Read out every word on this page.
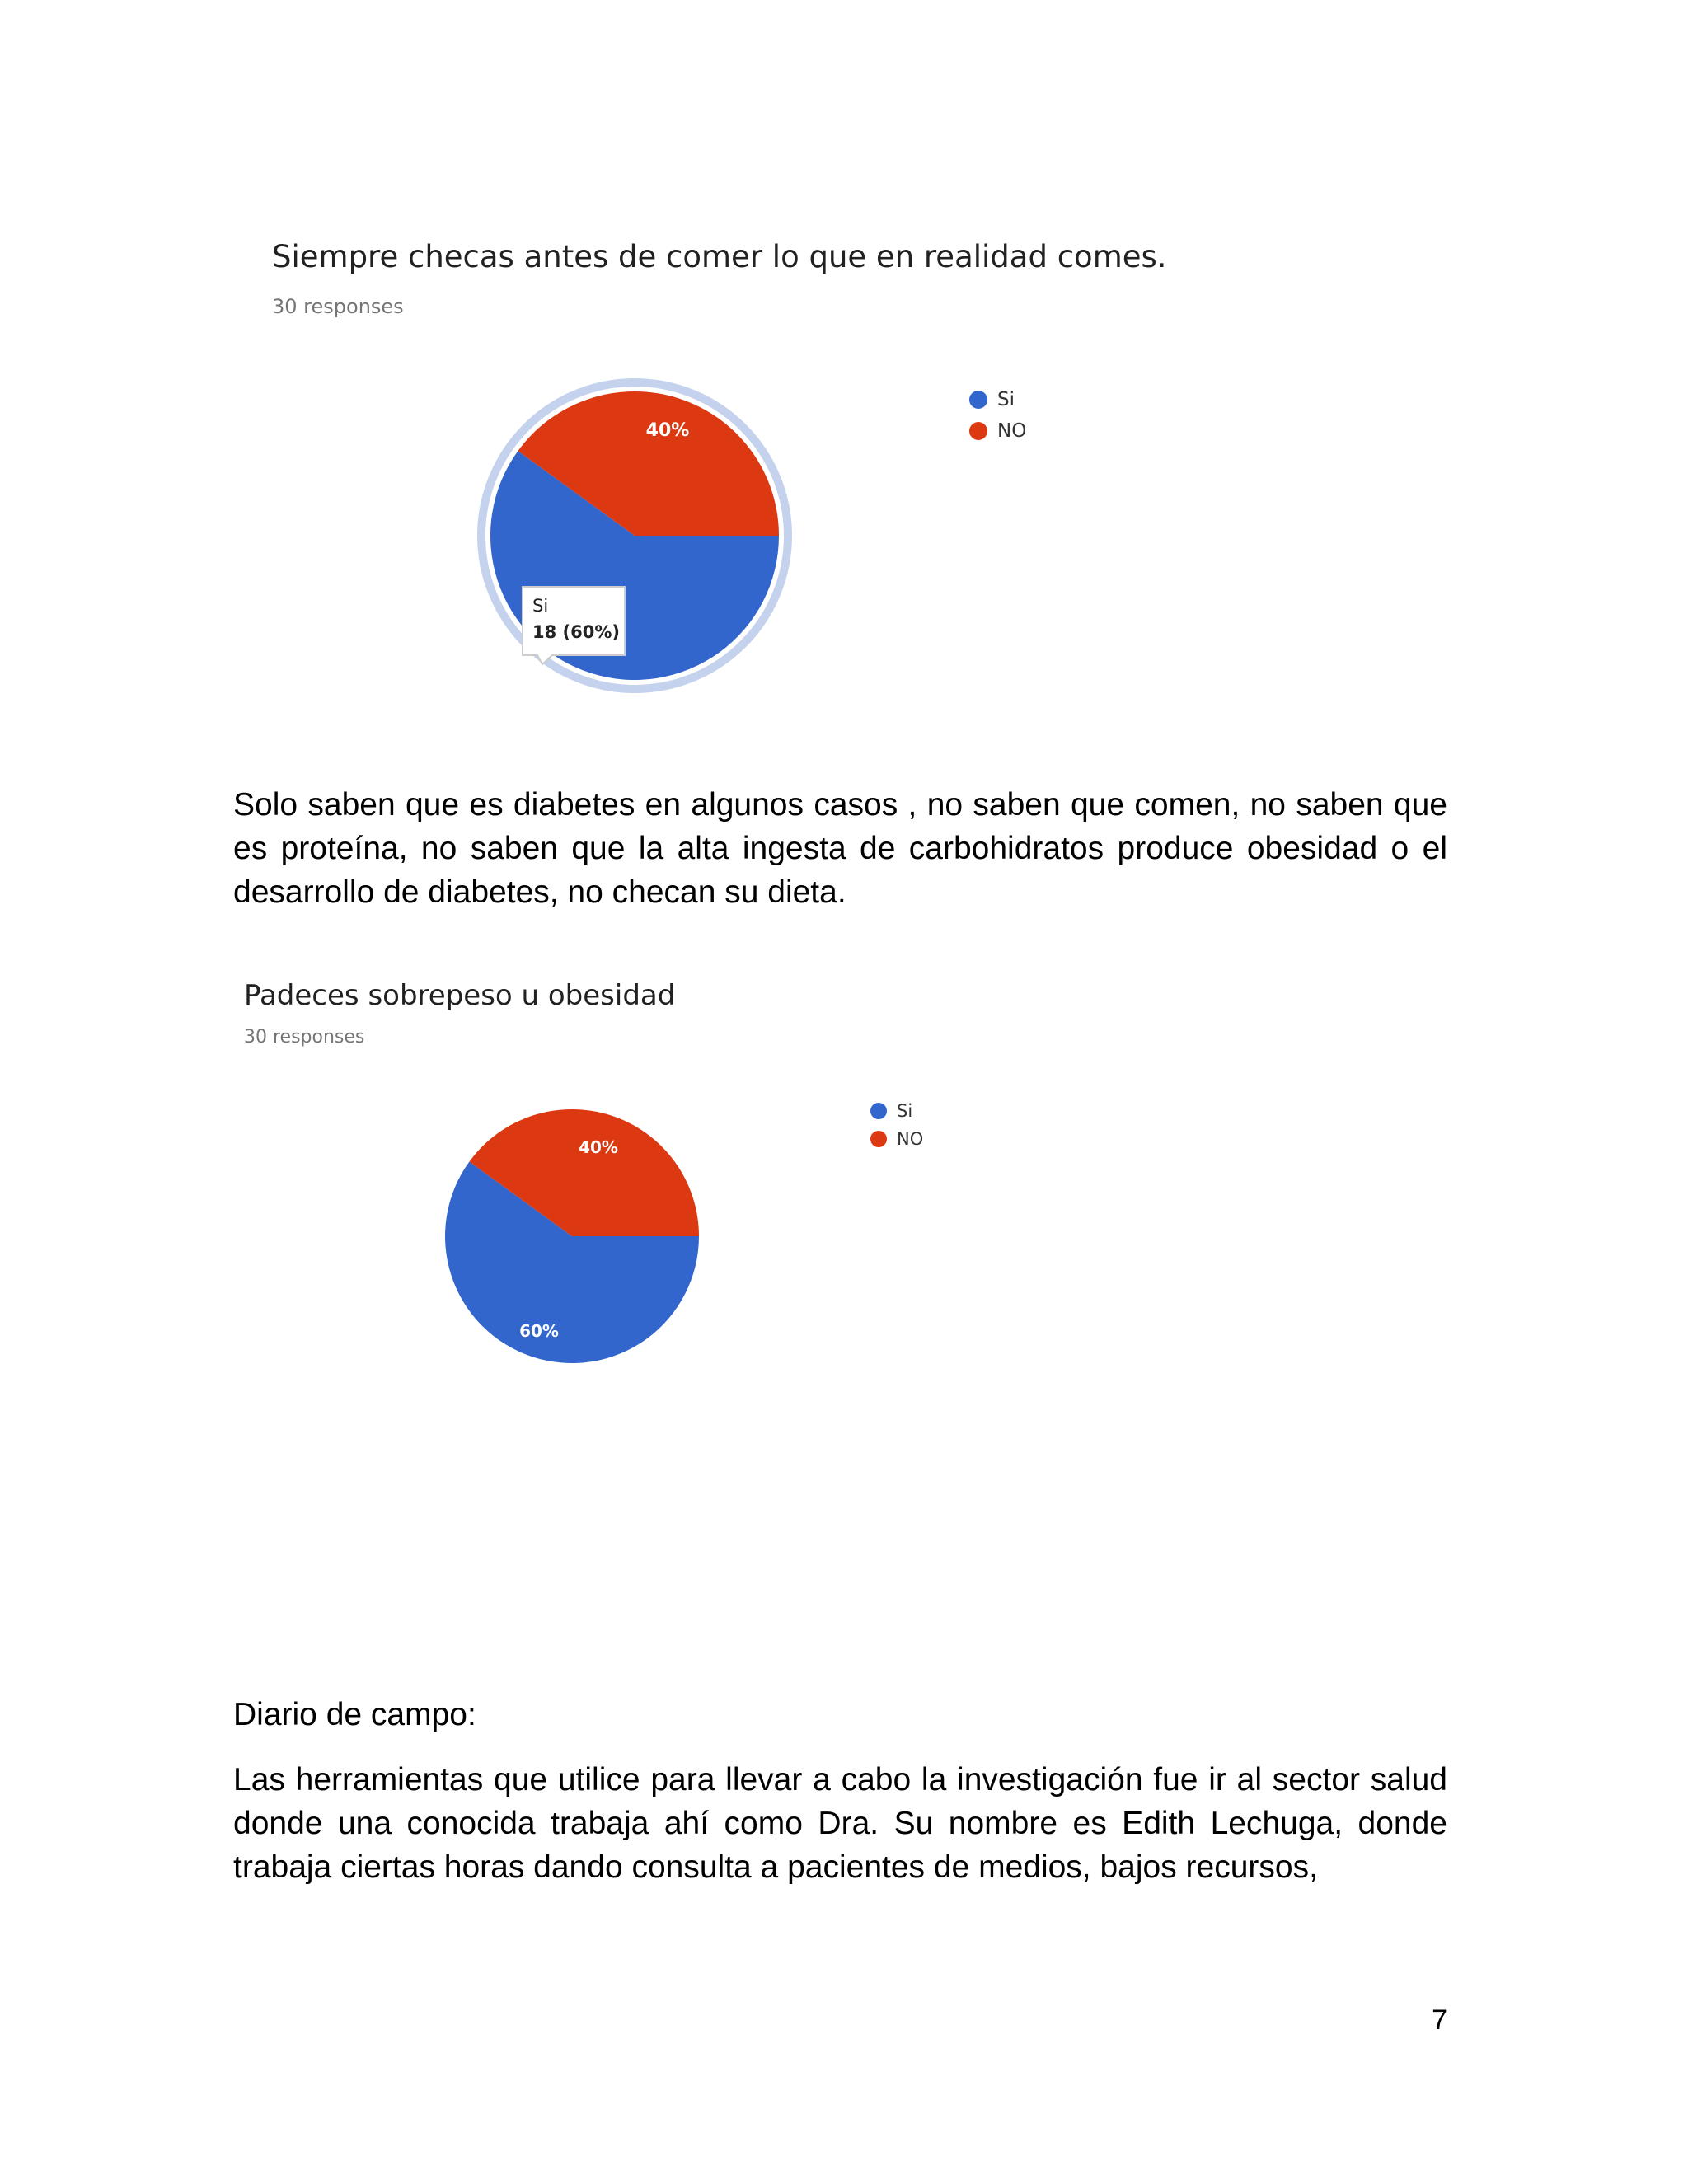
Siempre checas antes de comer lo que en realidad comes.
30 responses
40%
Si
18 (60%)
Si
NO

Solo saben que es diabetes en algunos casos , no saben que comen, no saben que es proteína, no saben que la alta ingesta de carbohidratos produce obesidad o el desarrollo de diabetes, no checan su dieta.

Padeces sobrepeso u obesidad
30 responses
40%
60%
Si
NO

Diario de campo:

Las herramientas que utilice para llevar a cabo la investigación fue ir al sector salud donde una conocida trabaja ahí como Dra. Su nombre es Edith Lechuga, donde trabaja ciertas horas dando consulta a pacientes de medios, bajos recursos,

7
